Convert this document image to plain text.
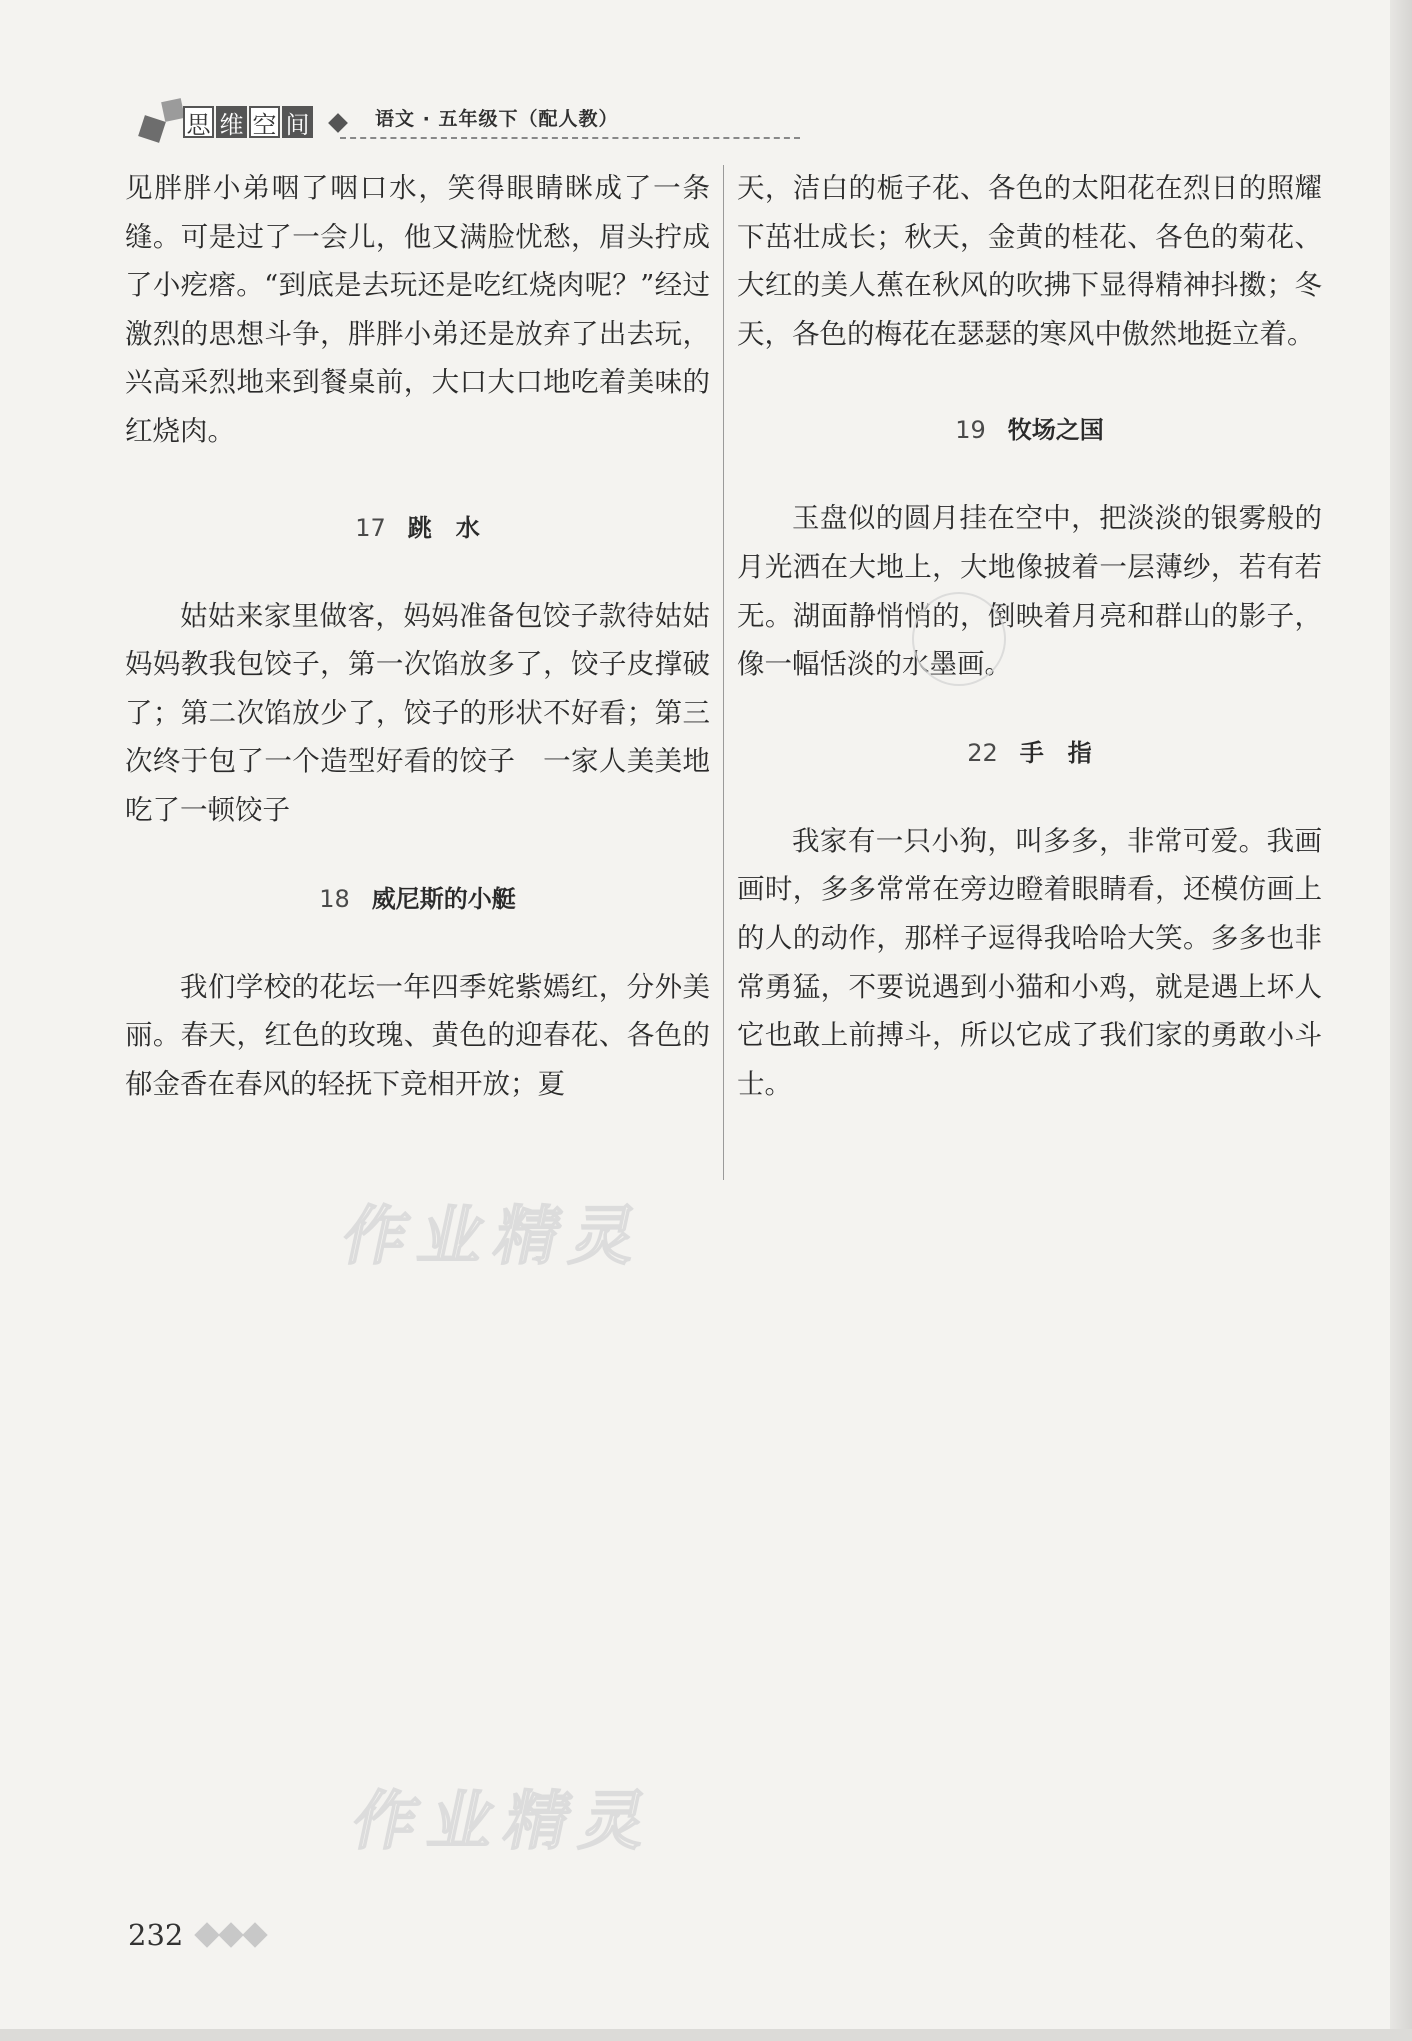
思 维 空 间	语文 · 五年级下（配人教）

见胖胖小弟咽了咽口水，笑得眼睛眯成了一条缝。可是过了一会儿，他又满脸忧愁，眉头拧成了小疙瘩。“到底是去玩还是吃红烧肉呢？”经过激烈的思想斗争，胖胖小弟还是放弃了出去玩，兴高采烈地来到餐桌前，大口大口地吃着美味的红烧肉。

17 跳　水

姑姑来家里做客，妈妈准备包饺子款待姑姑　妈妈教我包饺子，第一次馅放多了，饺子皮撑破了；第二次馅放少了，饺子的形状不好看；第三次终于包了一个造型好看的饺子　一家人美美地吃了一顿饺子

18 威尼斯的小艇

我们学校的花坛一年四季姹紫嫣红，分外美丽。春天，红色的玫瑰、黄色的迎春花、各色的郁金香在春风的轻抚下竞相开放；夏

天，洁白的栀子花、各色的太阳花在烈日的照耀下茁壮成长；秋天，金黄的桂花、各色的菊花、大红的美人蕉在秋风的吹拂下显得精神抖擞；冬天，各色的梅花在瑟瑟的寒风中傲然地挺立着。

19 牧场之国

玉盘似的圆月挂在空中，把淡淡的银雾般的月光洒在大地上，大地像披着一层薄纱，若有若无。湖面静悄悄的，倒映着月亮和群山的影子，像一幅恬淡的水墨画。

22 手　指

我家有一只小狗，叫多多，非常可爱。我画画时，多多常常在旁边瞪着眼睛看，还模仿画上的人的动作，那样子逗得我哈哈大笑。多多也非常勇猛，不要说遇到小猫和小鸡，就是遇上坏人它也敢上前搏斗，所以它成了我们家的勇敢小斗士。

作业精灵
作业精灵
232
